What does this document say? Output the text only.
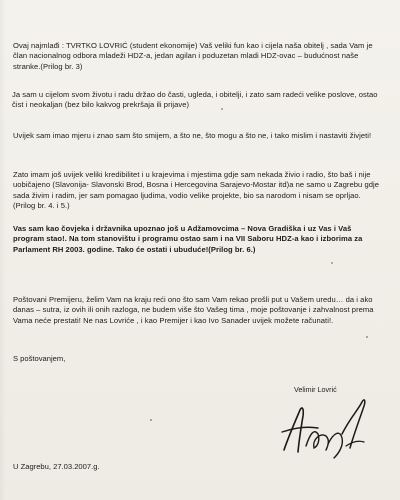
Ovaj najmlađi : TVRTKO LOVRIĆ (student ekonomije) Vaš veliki fun kao i cijela naša obitelj , sada Vam je član nacionalnog odbora mladeži HDZ-a, jedan agilan i poduzetan mladi HDZ-ovac – budućnost naše stranke.(Prilog br. 3)

Ja sam u cijelom svom životu i radu držao do časti, ugleda, i obitelji, i zato sam radeći velike poslove, ostao čist i neokaljan (bez bilo kakvog prekršaja ili prijave)

Uvijek sam imao mjeru i znao sam što smijem, a što ne, što mogu a što ne, i tako mislim i nastaviti živjeti!

Zato imam još uvijek veliki kredibilitet i u krajevima i mjestima gdje sam nekada živio i radio, što baš i nije uobičajeno (Slavonija- Slavonski Brod, Bosna i Hercegovina Sarajevo-Mostar itd)a ne samo u Zagrebu gdje sada živim i radim, jer sam pomagao ljudima, vodio velike projekte, bio sa narodom i nisam se oprljao.(Prilog br. 4. i 5.)

Vas sam kao čovjeka i državnika upoznao još u Adžamovcima – Nova Gradiška i uz Vas i Vaš program stao!. Na tom stanovištu i programu ostao sam i na VII Saboru HDZ-a kao i izborima za Parlament RH 2003. godine. Tako će ostati i ubuduće!(Prilog br. 6.)

Poštovani Premijeru, želim Vam na kraju reći ono što sam Vam rekao prošli put u Vašem uredu… da i ako danas – sutra, iz ovih ili onih razloga, ne budem više što Vašeg tima , moje poštovanje i zahvalnost prema Vama neće prestati! Ne nas Lovriće , i kao Premijer i kao Ivo Sanader uvijek možete računati!.

S poštovanjem,
Velimir Lovrić
U Zagrebu, 27.03.2007.g.
